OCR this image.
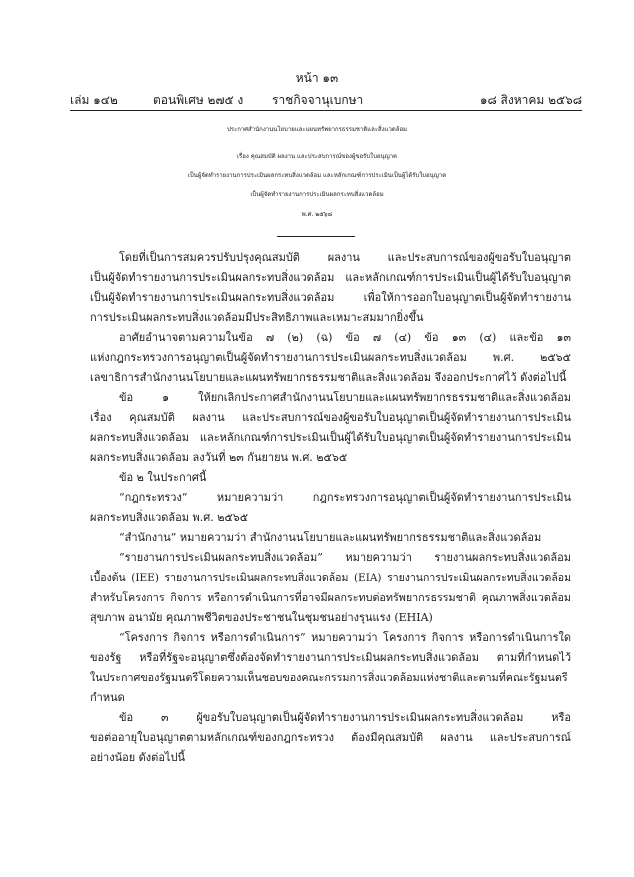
หน้า ๑๓
เล่ม ๑๔๒	ตอนพิเศษ ๒๗๕ ง ราชกิจจานุเบกษา	๑๘ สิงหาคม ๒๕๖๘
ประกาศสำนักงานนโยบายและแผนทรัพยากรธรรมชาติและสิ่งแวดล้อม
เรื่อง คุณสมบัติ ผลงาน และประสบการณ์ของผู้ขอรับใบอนุญาต
เป็นผู้จัดทำรายงานการประเมินผลกระทบสิ่งแวดล้อม และหลักเกณฑ์การประเมินเป็นผู้ได้รับใบอนุญาต
เป็นผู้จัดทำรายงานการประเมินผลกระทบสิ่งแวดล้อม
พ.ศ. ๒๕๖๘
โดยที่เป็นการสมควรปรับปรุงคุณสมบัติ ผลงาน และประสบการณ์ของผู้ขอรับใบอนุญาต
เป็นผู้จัดทำรายงานการประเมินผลกระทบสิ่งแวดล้อม และหลักเกณฑ์การประเมินเป็นผู้ได้รับใบอนุญาต
เป็นผู้จัดทำรายงานการประเมินผลกระทบสิ่งแวดล้อม เพื่อให้การออกใบอนุญาตเป็นผู้จัดทำรายงาน
การประเมินผลกระทบสิ่งแวดล้อมมีประสิทธิภาพและเหมาะสมมากยิ่งขึ้น
อาศัยอำนาจตามความในข้อ ๗ (๒) (ฉ) ข้อ ๗ (๔) ข้อ ๑๓ (๔) และข้อ ๑๓
แห่งกฎกระทรวงการอนุญาตเป็นผู้จัดทำรายงานการประเมินผลกระทบสิ่งแวดล้อม พ.ศ. ๒๕๖๕
เลขาธิการสำนักงานนโยบายและแผนทรัพยากรธรรมชาติและสิ่งแวดล้อม จึงออกประกาศไว้ ดังต่อไปนี้
ข้อ ๑ ให้ยกเลิกประกาศสำนักงานนโยบายและแผนทรัพยากรธรรมชาติและสิ่งแวดล้อม
เรื่อง คุณสมบัติ ผลงาน และประสบการณ์ของผู้ขอรับใบอนุญาตเป็นผู้จัดทำรายงานการประเมิน
ผลกระทบสิ่งแวดล้อม และหลักเกณฑ์การประเมินเป็นผู้ได้รับใบอนุญาตเป็นผู้จัดทำรายงานการประเมิน
ผลกระทบสิ่งแวดล้อม ลงวันที่ ๒๓ กันยายน พ.ศ. ๒๕๖๕
ข้อ ๒ ในประกาศนี้
“กฎกระทรวง” หมายความว่า กฎกระทรวงการอนุญาตเป็นผู้จัดทำรายงานการประเมิน
ผลกระทบสิ่งแวดล้อม พ.ศ. ๒๕๖๕
“สำนักงาน” หมายความว่า สำนักงานนโยบายและแผนทรัพยากรธรรมชาติและสิ่งแวดล้อม
“รายงานการประเมินผลกระทบสิ่งแวดล้อม” หมายความว่า รายงานผลกระทบสิ่งแวดล้อม
เบื้องต้น (IEE) รายงานการประเมินผลกระทบสิ่งแวดล้อม (EIA) รายงานการประเมินผลกระทบสิ่งแวดล้อม
สำหรับโครงการ กิจการ หรือการดำเนินการที่อาจมีผลกระทบต่อทรัพยากรธรรมชาติ คุณภาพสิ่งแวดล้อม
สุขภาพ อนามัย คุณภาพชีวิตของประชาชนในชุมชนอย่างรุนแรง (EHIA)
“โครงการ กิจการ หรือการดำเนินการ” หมายความว่า โครงการ กิจการ หรือการดำเนินการใด
ของรัฐ หรือที่รัฐจะอนุญาตซึ่งต้องจัดทำรายงานการประเมินผลกระทบสิ่งแวดล้อม ตามที่กำหนดไว้
ในประกาศของรัฐมนตรีโดยความเห็นชอบของคณะกรรมการสิ่งแวดล้อมแห่งชาติและตามที่คณะรัฐมนตรี
กำหนด
ข้อ ๓ ผู้ขอรับใบอนุญาตเป็นผู้จัดทำรายงานการประเมินผลกระทบสิ่งแวดล้อม หรือ
ขอต่ออายุใบอนุญาตตามหลักเกณฑ์ของกฎกระทรวง ต้องมีคุณสมบัติ ผลงาน และประสบการณ์
อย่างน้อย ดังต่อไปนี้
